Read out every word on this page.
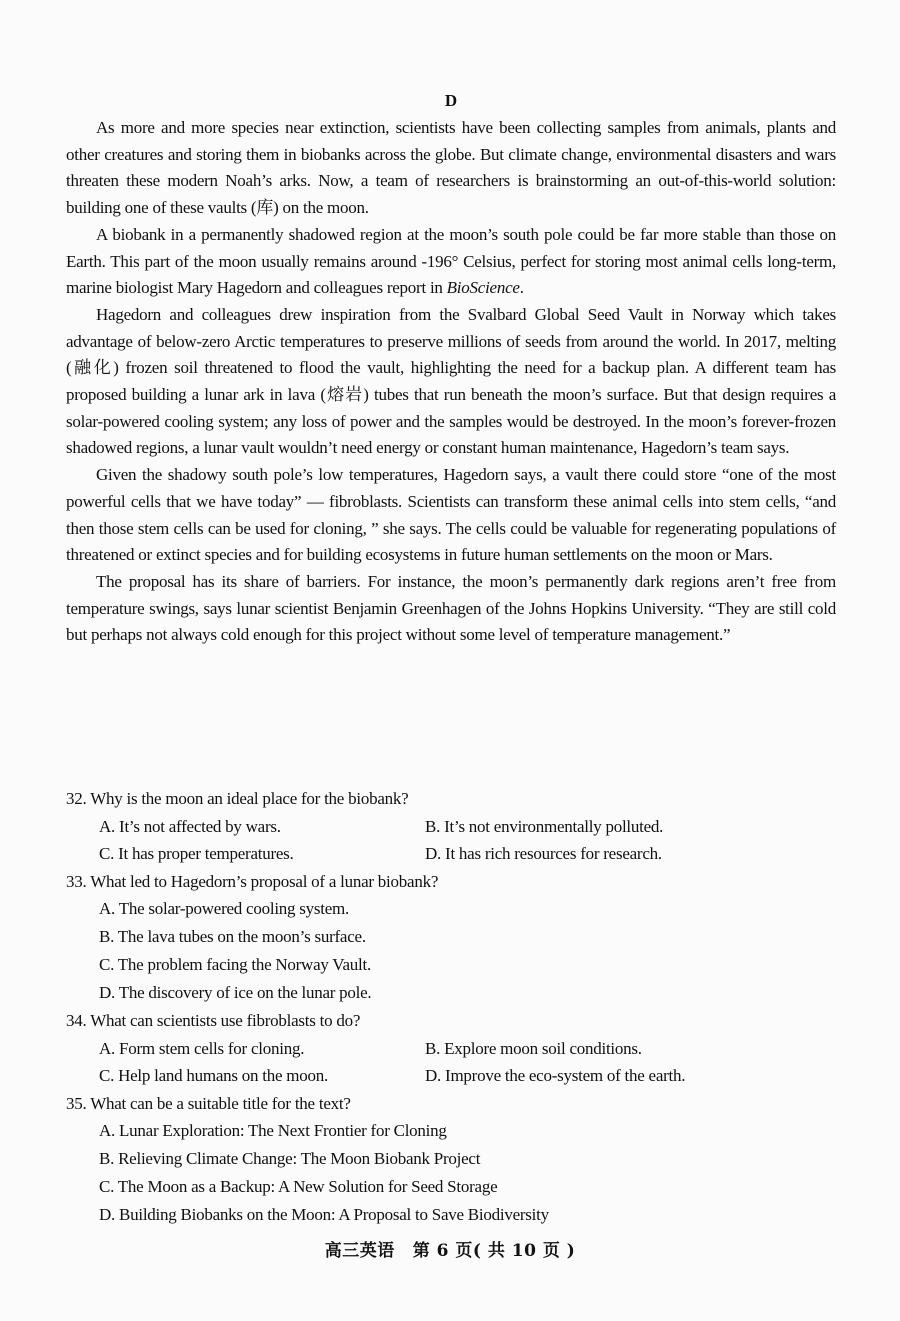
D

As more and more species near extinction, scientists have been collecting samples from animals, plants and other creatures and storing them in biobanks across the globe. But climate change, environmental disasters and wars threaten these modern Noah’s arks. Now, a team of researchers is brainstorming an out-of-this-world solution: building one of these vaults (库) on the moon.

A biobank in a permanently shadowed region at the moon’s south pole could be far more stable than those on Earth. This part of the moon usually remains around -196° Celsius, perfect for storing most animal cells long-term, marine biologist Mary Hagedorn and colleagues report in BioScience.

Hagedorn and colleagues drew inspiration from the Svalbard Global Seed Vault in Norway which takes advantage of below-zero Arctic temperatures to preserve millions of seeds from around the world. In 2017, melting (融化) frozen soil threatened to flood the vault, highlighting the need for a backup plan. A different team has proposed building a lunar ark in lava (熔岩) tubes that run beneath the moon’s surface. But that design requires a solar-powered cooling system; any loss of power and the samples would be destroyed. In the moon’s forever-frozen shadowed regions, a lunar vault wouldn’t need energy or constant human maintenance, Hagedorn’s team says.

Given the shadowy south pole’s low temperatures, Hagedorn says, a vault there could store “one of the most powerful cells that we have today” — fibroblasts. Scientists can transform these animal cells into stem cells, “and then those stem cells can be used for cloning, ” she says. The cells could be valuable for regenerating populations of threatened or extinct species and for building ecosystems in future human settlements on the moon or Mars.

The proposal has its share of barriers. For instance, the moon’s permanently dark regions aren’t free from temperature swings, says lunar scientist Benjamin Greenhagen of the Johns Hopkins University. “They are still cold but perhaps not always cold enough for this project without some level of temperature management.”

32. Why is the moon an ideal place for the biobank?
A. It’s not affected by wars.	B. It’s not environmentally polluted.
C. It has proper temperatures.	D. It has rich resources for research.
33. What led to Hagedorn’s proposal of a lunar biobank?
A. The solar-powered cooling system.
B. The lava tubes on the moon’s surface.
C. The problem facing the Norway Vault.
D. The discovery of ice on the lunar pole.
34. What can scientists use fibroblasts to do?
A. Form stem cells for cloning.	B. Explore moon soil conditions.
C. Help land humans on the moon.	D. Improve the eco-system of the earth.
35. What can be a suitable title for the text?
A. Lunar Exploration: The Next Frontier for Cloning
B. Relieving Climate Change: The Moon Biobank Project
C. The Moon as a Backup: A New Solution for Seed Storage
D. Building Biobanks on the Moon: A Proposal to Save Biodiversity
高三英语 第 6 页( 共 10 页 )
